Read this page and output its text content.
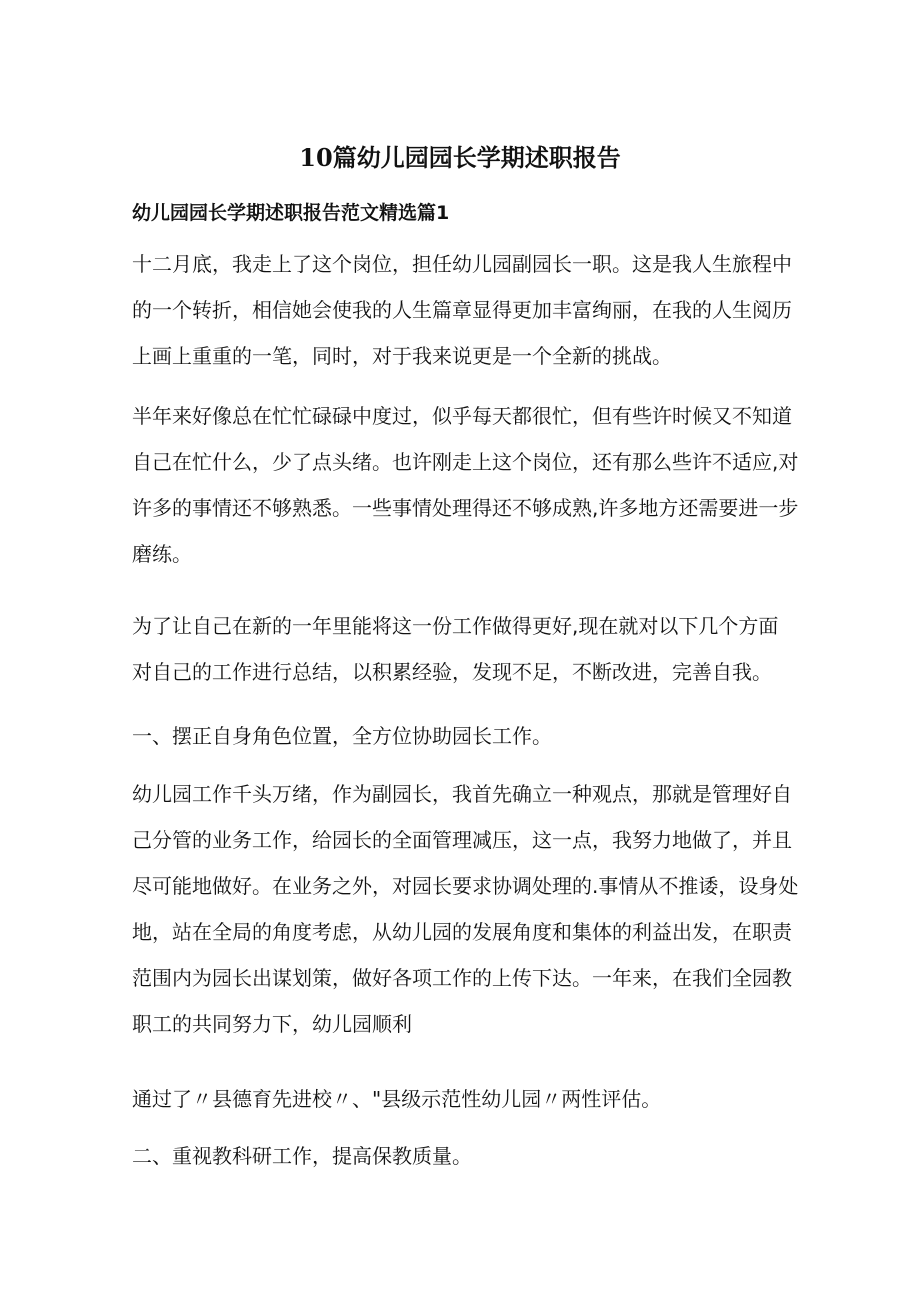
10篇幼儿园园长学期述职报告
幼儿园园长学期述职报告范文精选篇1
十二月底，我走上了这个岗位，担任幼儿园副园长一职。这是我人生旅程中
的一个转折，相信她会使我的人生篇章显得更加丰富绚丽，在我的人生阅历
上画上重重的一笔，同时，对于我来说更是一个全新的挑战。
半年来好像总在忙忙碌碌中度过，似乎每天都很忙，但有些许时候又不知道
自己在忙什么，少了点头绪。也许刚走上这个岗位，还有那么些许不适应,对
许多的事情还不够熟悉。一些事情处理得还不够成熟,许多地方还需要进一步
磨练。
为了让自己在新的一年里能将这一份工作做得更好,现在就对以下几个方面
对自己的工作进行总结，以积累经验，发现不足，不断改进，完善自我。
一、摆正自身角色位置，全方位协助园长工作。
幼儿园工作千头万绪，作为副园长，我首先确立一种观点，那就是管理好自
己分管的业务工作，给园长的全面管理减压，这一点，我努力地做了，并且
尽可能地做好。在业务之外，对园长要求协调处理的.事情从不推诿，设身处
地，站在全局的角度考虑，从幼儿园的发展角度和集体的利益出发，在职责
范围内为园长出谋划策，做好各项工作的上传下达。一年来，在我们全园教
职工的共同努力下，幼儿园顺利
通过了〃县德育先进校〃、"县级示范性幼儿园〃两性评估。
二、重视教科研工作，提高保教质量。
